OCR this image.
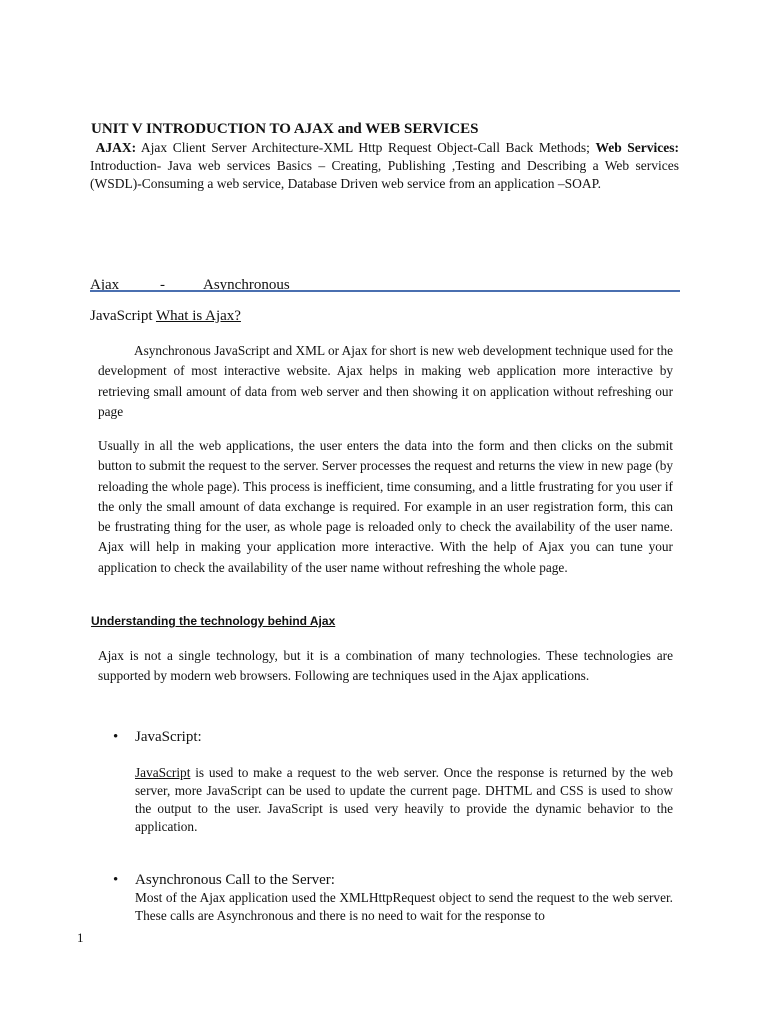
UNIT V INTRODUCTION TO AJAX and WEB SERVICES

AJAX: Ajax Client Server Architecture-XML Http Request Object-Call Back Methods; Web Services: Introduction- Java web services Basics – Creating, Publishing ,Testing and Describing a Web services (WSDL)-Consuming a web service, Database Driven web service from an application –SOAP.

Ajax	-	Asynchronous
JavaScript What is Ajax?

Asynchronous JavaScript and XML or Ajax for short is new web development technique used for the development of most interactive website. Ajax helps in making web application more interactive by retrieving small amount of data from web server and then showing it on application without refreshing our page

Usually in all the web applications, the user enters the data into the form and then clicks on the submit button to submit the request to the server. Server processes the request and returns the view in new page (by reloading the whole page). This process is inefficient, time consuming, and a little frustrating for you user if the only the small amount of data exchange is required. For example in an user registration form, this can be frustrating thing for the user, as whole page is reloaded only to check the availability of the user name. Ajax will help in making your application more interactive. With the help of Ajax you can tune your application to check the availability of the user name without refreshing the whole page.

Understanding the technology behind Ajax

Ajax is not a single technology, but it is a combination of many technologies. These technologies are supported by modern web browsers. Following are techniques used in the Ajax applications.

• JavaScript:

JavaScript is used to make a request to the web server. Once the response is returned by the web server, more JavaScript can be used to update the current page. DHTML and CSS is used to show the output to the user. JavaScript is used very heavily to provide the dynamic behavior to the application.

• Asynchronous Call to the Server:

Most of the Ajax application used the XMLHttpRequest object to send the request to the web server. These calls are Asynchronous and there is no need to wait for the response to

1
